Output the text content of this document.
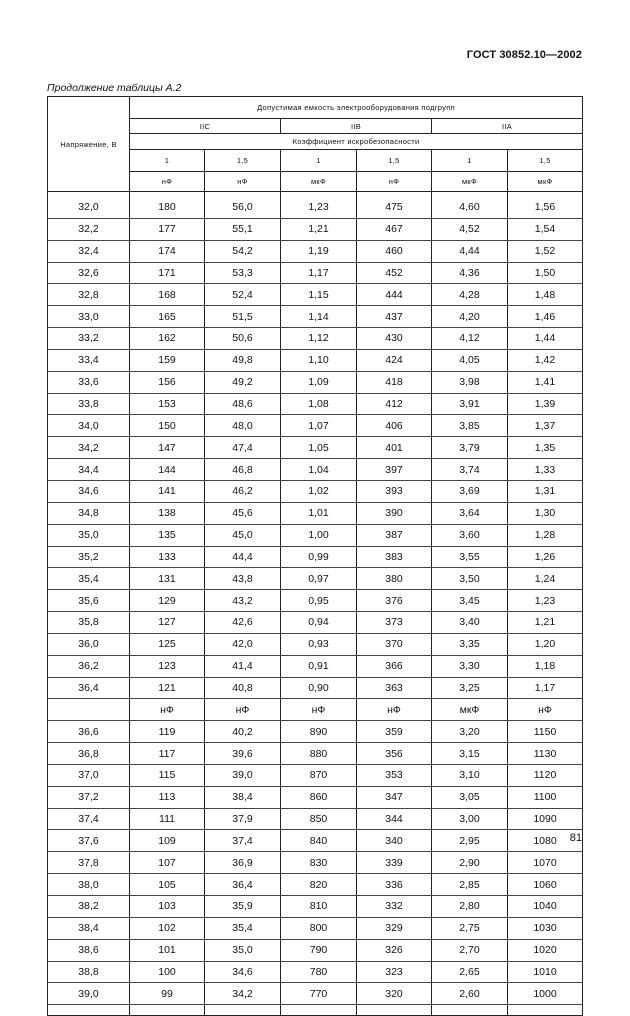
ГОСТ 30852.10—2002
Продолжение таблицы А.2
Напряжение, В	Допустимая емкость электрооборудования подгрупп					
	IIC		IIB		IIA	
	Коэффициент искробезопасности					
	1	1,5	1	1,5	1	1,5
	нФ	нФ	мкФ	нФ	мкФ	мкФ

32,0	180	56,0	1,23	475	4,60	1,56
32,2	177	55,1	1,21	467	4,52	1,54
32,4	174	54,2	1,19	460	4,44	1,52
32,6	171	53,3	1,17	452	4,36	1,50
32,8	168	52,4	1,15	444	4,28	1,48
33,0	165	51,5	1,14	437	4,20	1,46
33,2	162	50,6	1,12	430	4,12	1,44
33,4	159	49,8	1,10	424	4,05	1,42
33,6	156	49,2	1,09	418	3,98	1,41
33,8	153	48,6	1,08	412	3,91	1,39
34,0	150	48,0	1,07	406	3,85	1,37
34,2	147	47,4	1,05	401	3,79	1,35
34,4	144	46,8	1,04	397	3,74	1,33
34,6	141	46,2	1,02	393	3,69	1,31
34,8	138	45,6	1,01	390	3,64	1,30
35,0	135	45,0	1,00	387	3,60	1,28
35,2	133	44,4	0,99	383	3,55	1,26
35,4	131	43,8	0,97	380	3,50	1,24
35,6	129	43,2	0,95	376	3,45	1,23
35,8	127	42,6	0,94	373	3,40	1,21
36,0	125	42,0	0,93	370	3,35	1,20
36,2	123	41,4	0,91	366	3,30	1,18
36,4	121	40,8	0,90	363	3,25	1,17
	нФ	нФ	нФ	нФ	мкФ	нФ
36,6	119	40,2	890	359	3,20	1150
36,8	117	39,6	880	356	3,15	1130
37,0	115	39,0	870	353	3,10	1120
37,2	113	38,4	860	347	3,05	1100
37,4	111	37,9	850	344	3,00	1090
37,6	109	37,4	840	340	2,95	1080
37,8	107	36,9	830	339	2,90	1070
38,0	105	36,4	820	336	2,85	1060
38,2	103	35,9	810	332	2,80	1040
38,4	102	35,4	800	329	2,75	1030
38,6	101	35,0	790	326	2,70	1020
38,8	100	34,6	780	323	2,65	1010
39,0	99	34,2	770	320	2,60	1000

81
